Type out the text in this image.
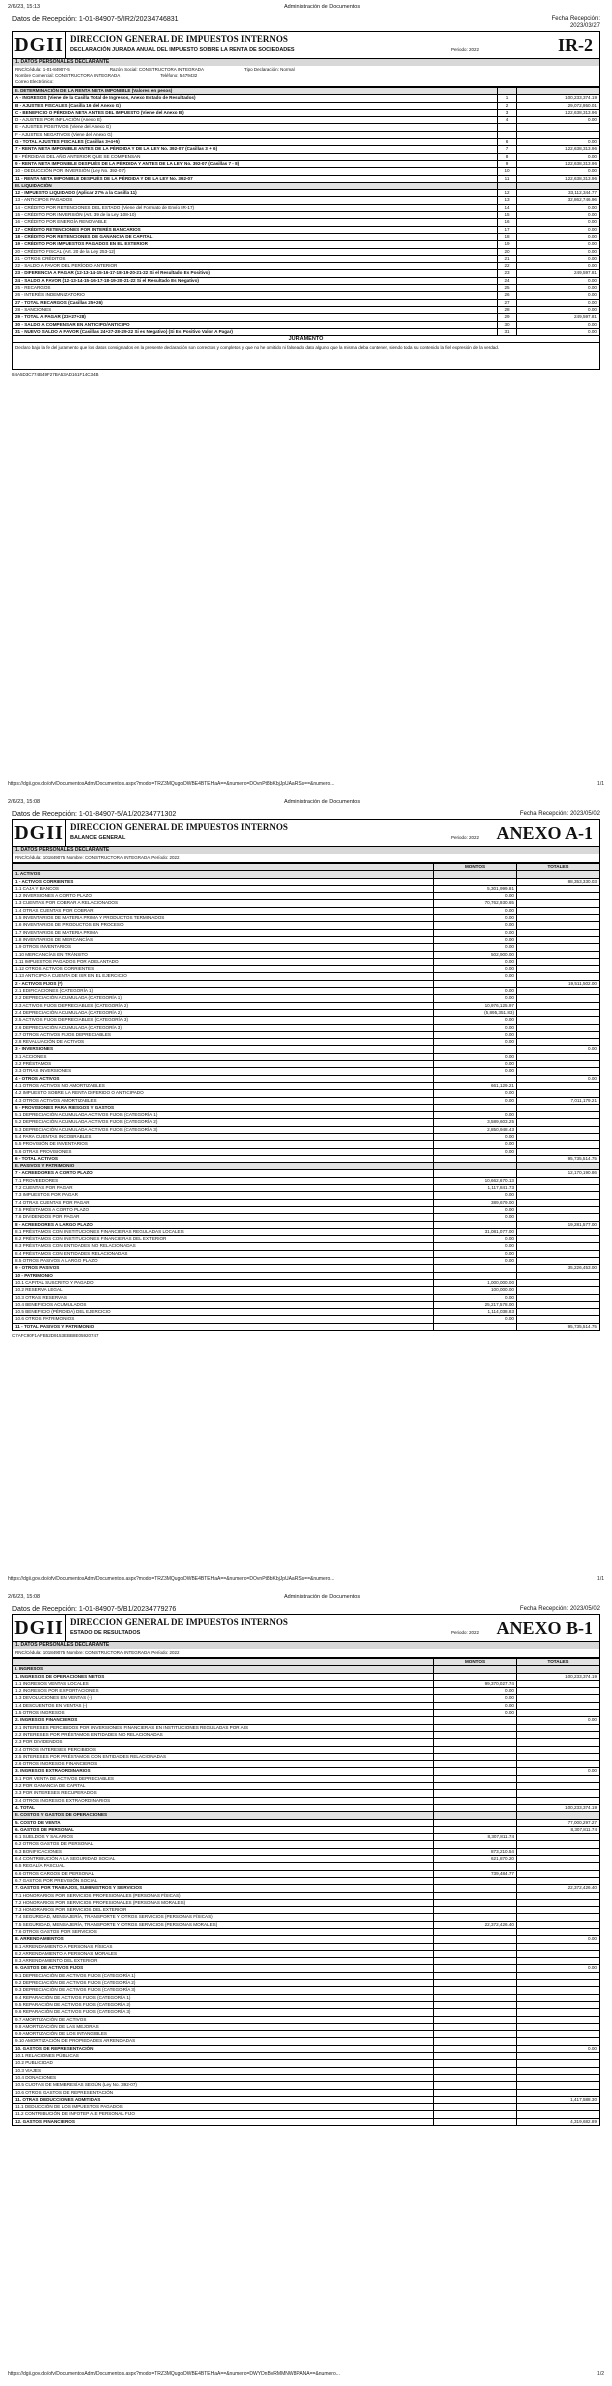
2/6/23, 15:13	Administración de Documentos
Datos de Recepción: 1-01-84907-5/IR2/20234746831	Fecha Recepción:
2023/03/27
DGII DIRECCION GENERAL DE IMPUESTOS INTERNOS
DECLARACIÓN JURADA ANUAL DEL IMPUESTO SOBRE LA RENTA DE SOCIEDADES	Periodo: 2022	IR-2
1. DATOS PERSONALES DECLARANTE
RNC/Cédula: 1-01-84907-5	Razón Social: CONSTRUCTORA INTEGRADA	Tipo Declaración: Normal
Nombre Comercial: CONSTRUCTORA INTEGRADA	Teléfono: 5479432
Correo Electrónico:
II. DETERMINACIÓN DE LA RENTA NETA IMPONIBLE (Valores en pesos)		
A - INGRESOS (Viene de la Casilla Total de Ingresos, Anexo Estado de Resultados)	1	100,233,374.19
B - AJUSTES FISCALES (Casilla 16 del Anexo G)	2	29,072,950.01
C - BENEFICIO O PÉRDIDA NETA ANTES DEL IMPUESTO (Viene del Anexo B)	3	122,638,313.96
D - AJUSTES POR INFLACIÓN (Anexo E)	4	0.00
E - AJUSTES POSITIVOS (Viene del Anexo G)		
F - AJUSTES NEGATIVOS (Viene del Anexo G)		
G - TOTAL AJUSTES FISCALES (Casillas 3+4+5)	6	0.00
7 - RENTA NETA IMPONIBLE ANTES DE LA PÉRDIDA Y DE LA LEY No. 392-07 (Casillas 3 + 6)	7	122,638,313.96
8 - PÉRDIDAS DEL AÑO ANTERIOR QUE SE COMPENSAN	8	0.00
9 - RENTA NETA IMPONIBLE DESPUÉS DE LA PÉRDIDA Y ANTES DE LA LEY No. 392-07 (Casillas 7 - 8)	9	122,638,313.96
10 - DEDUCCIÓN POR INVERSIÓN (Ley No. 392-07)	10	0.00
11 - RENTA NETA IMPONIBLE DESPUÉS DE LA PÉRDIDA Y DE LA LEY No. 392-07	11	122,638,313.96
III. LIQUIDACIÓN		
12 - IMPUESTO LIQUIDADO (Aplicar 27% a la Casilla 11)	12	33,112,344.77
13 - ANTICIPOS PAGADOS	13	32,862,746.96
14 - CRÉDITO POR RETENCIONES DEL ESTADO (Viene del Formato de Envío IR-17)	14	0.00
15 - CRÉDITO POR INVERSIÓN (Art. 39 de la Ley 108-10)	15	0.00
16 - CRÉDITO POR ENERGÍA RENOVABLE	16	0.00
17 - CRÉDITO RETENCIONES POR INTERÉS BANCARIOS	17	0.00
18 - CRÉDITO POR RETENCIONES DE GANANCIA DE CAPITAL	18	0.00
19 - CRÉDITO POR IMPUESTOS PAGADOS EN EL EXTERIOR	19	0.00
20 - CRÉDITO FISCAL (Art. 20 de la Ley 253-12)	20	0.00
21 - OTROS CRÉDITOS	21	0.00
22 - SALDO A FAVOR DEL PERÍODO ANTERIOR	22	0.00
23 - DIFERENCIA A PAGAR (12-13-14-15-16-17-18-19-20-21-22 Si el Resultado Es Positivo)	23	249,597.81
24 - SALDO A FAVOR (12-13-14-15-16-17-18-19-20-21-22 Si el Resultado Es Negativo)	24	0.00
25 - RECARGOS	25	0.00
26 - INTERÉS INDEMNIZATORIO	26	0.00
27 - TOTAL RECARGOS (Casillas 25+26)	27	0.00
28 - SANCIONES	28	0.00
29 - TOTAL A PAGAR (23+27+28)	29	249,597.81
30 - SALDO A COMPENSAR EN ANTICIPO/ANTICIPO	30	0.00
31 - NUEVO SALDO A FAVOR (Casillas 24+27-28-29-22 Si es Negativo) (Si Es Positivo Valor A Pagar)	31	0.00
JURAMENTO
Declaro bajo la fe del juramento que los datos consignados en la presente declaración son correctos y completos y que no he omitido ni falseado dato alguno que la misma deba contener, siendo toda su contenido la fiel expresión de la verdad.
84A5D3C774B49F27BA53AD161F14C34B
https://dgii.gov.do/ofv/DocumentosAdm/Documentos.aspx?modo=TRZ3MQugoDWBE4BTEHaA==&numero=DOvnPt8bKbjJpUAaRSs==&numero...	1/1
2/6/23, 15:08	Administración de Documentos
Datos de Recepción: 1-01-84907-5/A1/20234771302	Fecha Recepción: 2023/05/02
DGII DIRECCION GENERAL DE IMPUESTOS INTERNOS
BALANCE GENERAL	Periodo: 2022 ANEXO A-1
1. DATOS PERSONALES DECLARANTE
RNC/Cédula: 101849075 Nombre: CONSTRUCTORA INTEGRADA Período: 2022
	MONTOS	TOTALES
1. ACTIVOS		
1 - ACTIVOS CORRIENTES		88,353,330.03
1.1 CAJA Y BANCOS	5,301,999.81	
1.2 INVERSIONES A CORTO PLAZO	0.00	
1.3 CUENTAS POR COBRAR A RELACIONADOS	70,762,930.65	
1.4 OTRAS CUENTAS POR COBRAR	0.00	
1.5 INVENTARIOS DE MATERIA PRIMA Y PRODUCTOS TERMINADOS	0.00	
1.6 INVENTARIOS DE PRODUCTOS EN PROCESO	0.00	
1.7 INVENTARIOS DE MATERIA PRIMA	0.00	
1.8 INVENTARIOS DE MERCANCÍAS	0.00	
1.9 OTROS INVENTARIOS	0.00	
1.10 MERCANCÍAS EN TRÁNSITO	502,900.00	
1.11 IMPUESTOS PAGADOS POR ADELANTADO	0.00	
1.12 OTROS ACTIVOS CORRIENTES	0.00	
1.13 ANTICIPO A CUENTA DE ISR EN EL EJERCICIO	0.00	
2 - ACTIVOS FIJOS (*)		19,511,502.00
2.1 EDIFICACIONES (CATEGORÍA 1)	0.00	
2.2 DEPRECIACIÓN ACUMULADA (CATEGORÍA 1)	0.00	
2.3 ACTIVOS FIJOS DEPRECIABLES (CATEGORÍA 2)	10,976,125.97	
2.4 DEPRECIACIÓN ACUMULADA (CATEGORÍA 2)	(5,895,351.83)	
2.5 ACTIVOS FIJOS DEPRECIABLES (CATEGORÍA 3)	0.00	
2.6 DEPRECIACIÓN ACUMULADA (CATEGORÍA 3)	0.00	
2.7 OTROS ACTIVOS FIJOS DEPRECIABLES	0.00	
2.8 REVALUACIÓN DE ACTIVOS	0.00	
3 - INVERSIONES		0.00
3.1 ACCIONES	0.00	
3.2 PRÉSTAMOS	0.00	
3.3 OTRAS INVERSIONES	0.00	
4 - OTROS ACTIVOS		0.00
4.1 OTROS ACTIVOS NO AMORTIZABLES	661,129.21	
4.2 IMPUESTO SOBRE LA RENTA DIFERIDO O ANTICIPADO	0.00	
4.3 OTROS ACTIVOS AMORTIZABLES	0.00	7,011,179.21
5 - PROVISIONES PARA RIESGOS Y GASTOS		
5.1 DEPRECIACIÓN ACUMULADA ACTIVOS FIJOS (CATEGORÍA 1)	0.00	
5.2 DEPRECIACIÓN ACUMULADA ACTIVOS FIJOS (CATEGORÍA 2)	3,589,603.25	
5.3 DEPRECIACIÓN ACUMULADA ACTIVOS FIJOS (CATEGORÍA 3)	2,850,948.43	
5.4 PARA CUENTAS INCOBRABLES	0.00	
5.5 PROVISIÓN DE INVENTARIOS	0.00	
5.6 OTRAS PROVISIONES	0.00	
6 - TOTAL ACTIVOS		95,735,514.75
II. PASIVOS Y PATRIMONIO		
7 - ACREEDORES A CORTO PLAZO		12,170,190.86
7.1 PROVEEDORES	10,662,670.13	
7.2 CUENTAS POR PAGAR	1,117,841.73	
7.3 IMPUESTOS POR PAGAR	0.00	
7.4 OTRAS CUENTAS POR PAGAR	389,679.00	
7.5 PRÉSTAMOS A CORTO PLAZO	0.00	
7.6 DIVIDENDOS POR PAGAR	0.00	
8 - ACREEDORES A LARGO PLAZO		19,281,577.00
8.1 PRÉSTAMOS CON INSTITUCIONES FINANCIERAS REGULADAS LOCALES	31,081,077.00	
8.2 PRÉSTAMOS CON INSTITUCIONES FINANCIERAS DEL EXTERIOR	0.00	
8.3 PRÉSTAMOS CON ENTIDADES NO RELACIONADAS	0.00	
8.4 PRÉSTAMOS CON ENTIDADES RELACIONADAS	0.00	
8.5 OTROS PASIVOS A LARGO PLAZO	0.00	
9 - OTROS PASIVOS		35,226,453.00
10 - PATRIMONIO		
10.1 CAPITAL SUSCRITO Y PAGADO	1,000,000.00	
10.2 RESERVA LEGAL	100,000.00	
10.3 OTRAS RESERVAS	0.00	
10.4 BENEFICIOS ACUMULADOS	25,217,578.00	
10.5 BENEFICIO (PÉRDIDA) DEL EJERCICIO	1,114,038.83	
10.6 OTROS PATRIMONIOS	0.00	
11 - TOTAL PASIVOS Y PATRIMONIO		95,735,514.75
C7AFC90F1AFB52D9153EBB8E05920747
https://dgii.gov.do/ofv/DocumentosAdm/Documentos.aspx?modo=TRZ3MQugoDWBE4BTEHaA==&numero=DOvnPt8bKbjJpUAaRSs==&numero...	1/1
2/6/23, 15:08	Administración de Documentos
Datos de Recepción: 1-01-84907-5/B1/20234779276	Fecha Recepción: 2023/05/02
DGII DIRECCION GENERAL DE IMPUESTOS INTERNOS
ESTADO DE RESULTADOS	Periodo: 2022 ANEXO B-1
1. DATOS PERSONALES DECLARANTE
RNC/Cédula: 101849075 Nombre: CONSTRUCTORA INTEGRADA Período: 2022
	MONTOS	TOTALES
I. INGRESOS		
1. INGRESOS DE OPERACIONES NETOS		100,233,374.19
1.1 INGRESOS VENTAS LOCALES	99,370,027.74	
1.2 INGRESOS POR EXPORTACIONES	0.00	
1.3 DEVOLUCIONES EN VENTAS (-)	0.00	
1.4 DESCUENTOS EN VENTAS (-)	0.00	
1.5 OTROS INGRESOS	0.00	
2. INGRESOS FINANCIEROS		0.00
2.1 INTERESES PERCIBIDOS POR INVERSIONES FINANCIERAS EN INSTITUCIONES REGULADAS POR AIS		
2.2 INTERESES POR PRÉSTAMOS ENTIDADES NO RELACIONADAS		
2.3 POR DIVIDENDOS		
2.4 OTROS INTERESES PERCIBIDOS		
2.5 INTERESES POR PRÉSTAMOS CON ENTIDADES RELACIONADAS		
2.6 OTROS INGRESOS FINANCIEROS		
3. INGRESOS EXTRAORDINARIOS		0.00
3.1 POR VENTA DE ACTIVOS DEPRECIABLES		
3.2 POR GANANCIA DE CAPITAL		
3.3 POR INTERESES RECUPERADOS		
3.4 OTROS INGRESOS EXTRAORDINARIOS		
4. TOTAL		100,233,374.19
II. COSTOS Y GASTOS DE OPERACIONES		
5. COSTO DE VENTA		77,000,297.27
6. GASTOS DE PERSONAL		8,307,811.74
6.1 SUELDOS Y SALARIOS	8,307,811.74	
6.2 OTROS GASTOS DE PERSONAL		
6.3 BONIFICACIONES	873,210.54	
6.4 CONTRIBUCIÓN A LA SEGURIDAD SOCIAL	621,870.20	
6.5 REGALÍA PASCUAL		
6.6 OTROS CARGOS DE PERSONAL	739,484.77	
6.7 GASTOS POR PREVISIÓN SOCIAL		
7. GASTOS POR TRABAJOS, SUMINISTROS Y SERVICIOS		22,372,426.40
7.1 HONORARIOS POR SERVICIOS PROFESIONALES (PERSONAS FÍSICAS)		
7.2 HONORARIOS POR SERVICIOS PROFESIONALES (PERSONAS MORALES)		
7.3 HONORARIOS POR SERVICIOS DEL EXTERIOR		
7.4 SEGURIDAD, MENSAJERÍA, TRANSPORTE Y OTROS SERVICIOS (PERSONAS FÍSICAS)		
7.5 SEGURIDAD, MENSAJERÍA, TRANSPORTE Y OTROS SERVICIOS (PERSONAS MORALES)	22,372,426.40	
7.6 OTROS GASTOS POR SERVICIOS		
8. ARRENDAMIENTOS		0.00
8.1 ARRENDAMIENTO A PERSONAS FÍSICAS		
8.2 ARRENDAMIENTO A PERSONAS MORALES		
8.3 ARRENDAMIENTO DEL EXTERIOR		
9. GASTOS DE ACTIVOS FIJOS		0.00
9.1 DEPRECIACIÓN DE ACTIVOS FIJOS (CATEGORÍA 1)		
9.2 DEPRECIACIÓN DE ACTIVOS FIJOS (CATEGORÍA 2)		
9.3 DEPRECIACIÓN DE ACTIVOS FIJOS (CATEGORÍA 3)		
9.4 REPARACIÓN DE ACTIVOS FIJOS (CATEGORÍA 1)		
9.5 REPARACIÓN DE ACTIVOS FIJOS (CATEGORÍA 2)		
9.6 REPARACIÓN DE ACTIVOS FIJOS (CATEGORÍA 3)		
9.7 AMORTIZACIÓN DE ACTIVOS		
9.8 AMORTIZACIÓN DE LAS MEJORAS		
9.9 AMORTIZACIÓN DE LOS INTANGIBLES		
9.10 AMORTIZACIÓN DE PROPIEDADES ARRENDADAS		
10. GASTOS DE REPRESENTACIÓN		0.00
10.1 RELACIONES PÚBLICAS		
10.2 PUBLICIDAD		
10.3 VIAJES		
10.4 DONACIONES		
10.5 CUOTAS DE MEMBRESÍAS SEGÚN (Ley No. 392-07)		
10.6 OTROS GASTOS DE REPRESENTACIÓN		
11. OTRAS DEDUCCIONES ADMITIDAS		1,417,588.30
11.1 DEDUCCIÓN DE LOS IMPUESTOS PAGADOS		
11.2 CONTRIBUCIÓN DE INFOTEP A.E PERSONAL FIJO		
12. GASTOS FINANCIEROS		4,319,682.89
https://dgii.gov.do/ofv/DocumentosAdm/Documentos.aspx?modo=TRZ3MQugoDWBE4BTEHaA==&numero=DWYDnBvRMMNW8PANA==&numero...	1/2
